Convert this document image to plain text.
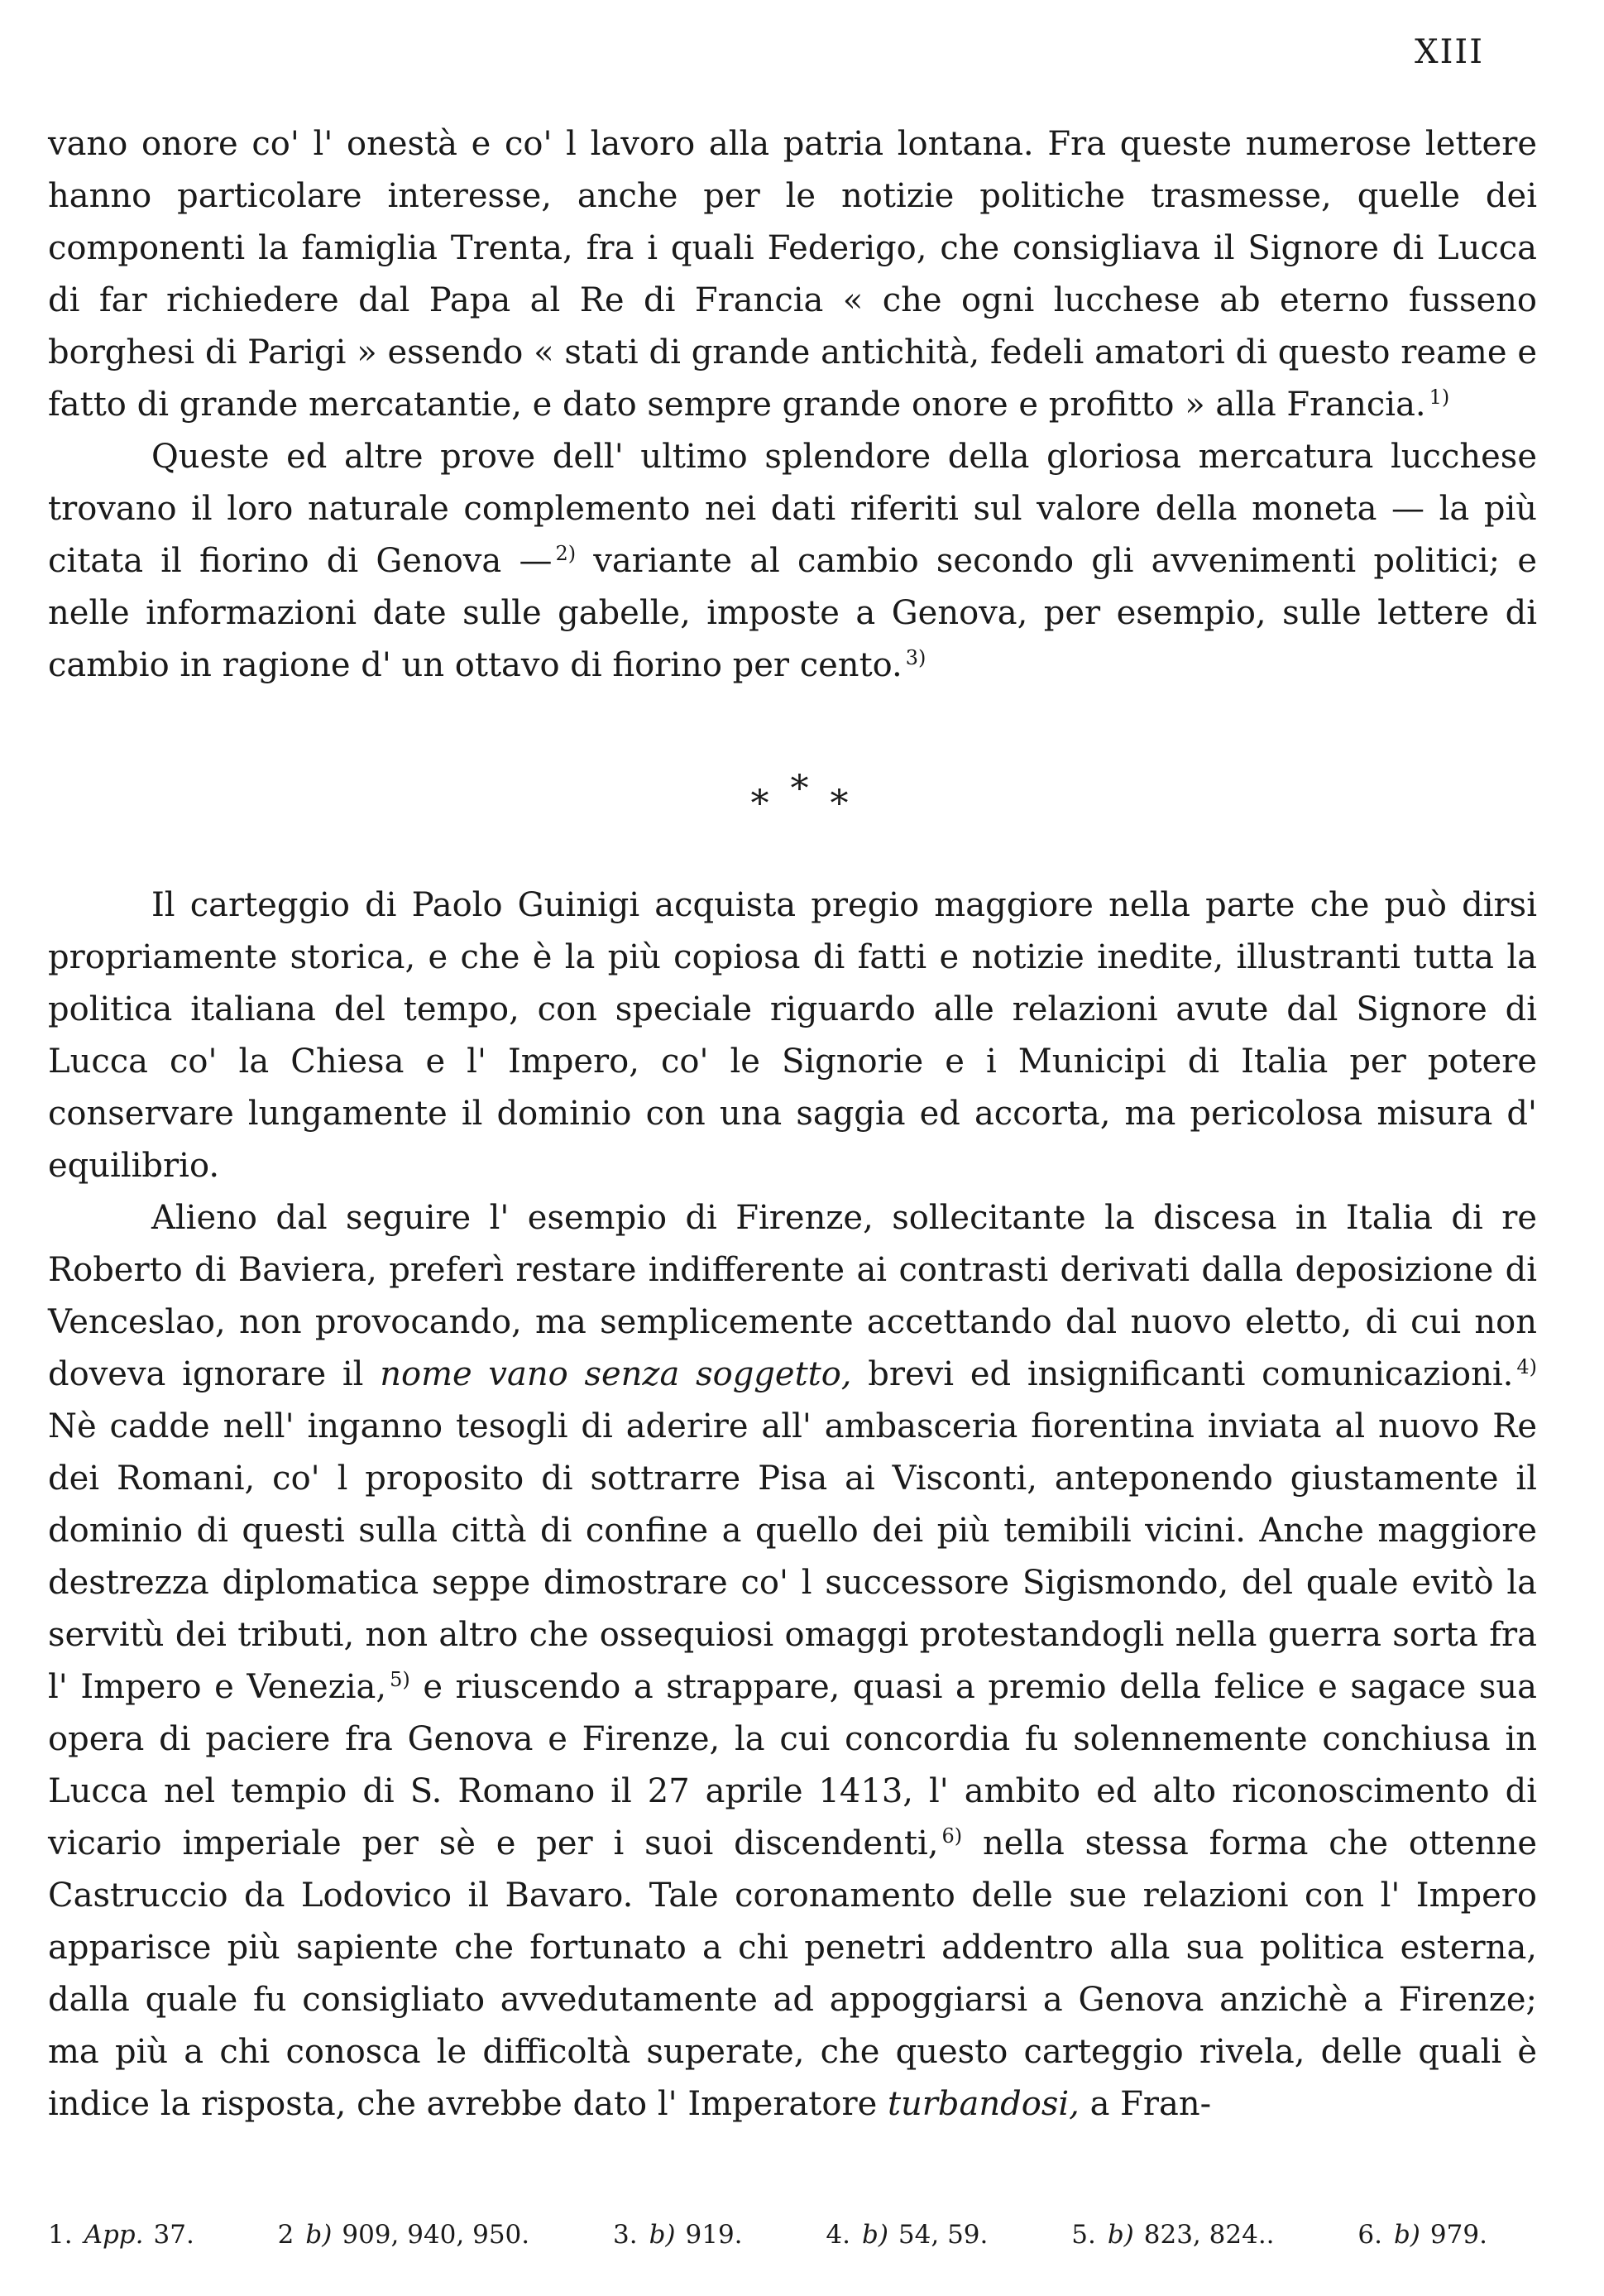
XIII

vano onore co' l' onestà e co' l lavoro alla patria lontana. Fra queste numerose lettere hanno particolare interesse, anche per le notizie politiche trasmesse, quelle dei componenti la famiglia Trenta, fra i quali Federigo, che consigliava il Signore di Lucca di far richiedere dal Papa al Re di Francia « che ogni lucchese ab eterno fusseno borghesi di Parigi » essendo « stati di grande antichità, fedeli amatori di questo reame e fatto di grande mercatantie, e dato sempre grande onore e profitto » alla Francia. $^{1)}$

Queste ed altre prove dell' ultimo splendore della gloriosa mercatura lucchese trovano il loro naturale complemento nei dati riferiti sul valore della moneta — la più citata il fiorino di Genova — $^{2)}$ variante al cambio secondo gli avvenimenti politici; e nelle informazioni date sulle gabelle, imposte a Genova, per esempio, sulle lettere di cambio in ragione d' un ottavo di fiorino per cento. $^{3)}$

* * *

Il carteggio di Paolo Guinigi acquista pregio maggiore nella parte che può dirsi propriamente storica, e che è la più copiosa di fatti e notizie inedite, illustranti tutta la politica italiana del tempo, con speciale riguardo alle relazioni avute dal Signore di Lucca co' la Chiesa e l' Impero, co' le Signorie e i Municipi di Italia per potere conservare lungamente il dominio con una saggia ed accorta, ma pericolosa misura d' equilibrio.

Alieno dal seguire l' esempio di Firenze, sollecitante la discesa in Italia di re Roberto di Baviera, preferì restare indifferente ai contrasti derivati dalla deposizione di Venceslao, non provocando, ma semplicemente accettando dal nuovo eletto, di cui non doveva ignorare il nome vano senza soggetto, brevi ed insignificanti comunicazioni. $^{4)}$ Nè cadde nell' inganno tesogli di aderire all' ambasceria fiorentina inviata al nuovo Re dei Romani, co' l proposito di sottrarre Pisa ai Visconti, anteponendo giustamente il dominio di questi sulla città di confine a quello dei più temibili vicini. Anche maggiore destrezza diplomatica seppe dimostrare co' l successore Sigismondo, del quale evitò la servitù dei tributi, non altro che ossequiosi omaggi protestandogli nella guerra sorta fra l' Impero e Venezia, $^{5)}$ e riuscendo a strappare, quasi a premio della felice e sagace sua opera di paciere fra Genova e Firenze, la cui concordia fu solennemente conchiusa in Lucca nel tempio di S. Romano il 27 aprile 1413, l' ambito ed alto riconoscimento di vicario imperiale per sè e per i suoi discendenti, $^{6)}$ nella stessa forma che ottenne Castruccio da Lodovico il Bavaro. Tale coronamento delle sue relazioni con l' Impero apparisce più sapiente che fortunato a chi penetri addentro alla sua politica esterna, dalla quale fu consigliato avvedutamente ad appoggiarsi a Genova anzichè a Firenze; ma più a chi conosca le difficoltà superate, che questo carteggio rivela, delle quali è indice la risposta, che avrebbe dato l' Imperatore turbandosi, a Fran-

1. App. 37.	2 b) 909, 940, 950.	3. b) 919.	4. b) 54, 59.	5. b) 823, 824..	6. b) 979.
